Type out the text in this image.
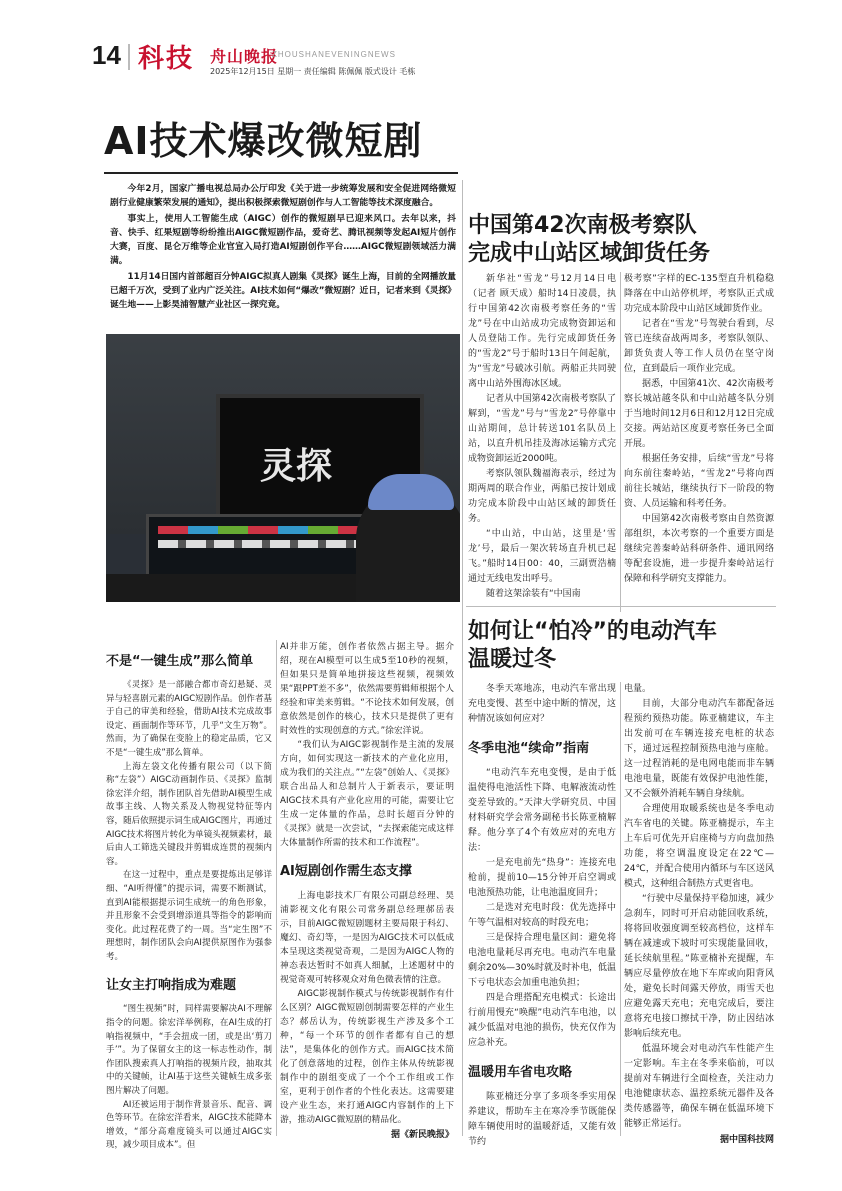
14 科技 舟山晚报
ZHOUSHANEVENINGNEWS
2025年12月15日 星期一 责任编辑 陈佩佩 版式设计 毛栋
AI技术爆改微短剧

今年2月，国家广播电视总局办公厅印发《关于进一步统筹发展和安全促进网络微短剧行业健康繁荣发展的通知》，提出积极探索微短剧创作与人工智能等技术深度融合。

事实上，使用人工智能生成（AIGC）创作的微短剧早已迎来风口。去年以来，抖音、快手、红果短剧等纷纷推出AIGC微短剧作品，爱奇艺、腾讯视频等发起AI短片创作大赛，百度、昆仑万维等企业官宣入局打造AI短剧创作平台……AIGC微短剧领域活力满满。

11月14日国内首部超百分钟AIGC拟真人剧集《灵探》诞生上海，目前的全网播放量已超千万次，受到了业内广泛关注。AI技术如何“爆改”微短剧？近日，记者来到《灵探》诞生地——上影昊浦智慧产业社区一探究竟。

灵探
不是“一键生成”那么简单

《灵探》是一部融合都市奇幻悬疑、灵异与轻喜剧元素的AIGC短剧作品。创作者基于自己的审美和经验，借助AI技术完成故事设定、画面制作等环节，几乎“文生万物”。然而，为了确保在变脸上的稳定品质，它又不是“一键生成”那么简单。

上海左袋文化传播有限公司（以下简称“左袋”）AIGC动画制作员、《灵探》监制徐宏洋介绍，制作团队首先借助AI模型生成故事主线、人物关系及人物视觉特征等内容，随后依照提示词生成AIGC图片，再通过AIGC技术将图片转化为单镜头视频素材，最后由人工筛选关键段并剪辑成连贯的视频内容。

在这一过程中，重点是要提炼出足够详细、“AI听得懂”的提示词，需要不断测试，直到AI能根据提示词生成统一的角色形象，并且形象不会受到增添道具等指令的影响而变化。此过程花费了约一周。当“定生图”不理想时，制作团队会向AI提供原图作为强参考。

让女主打响指成为难题

“图生视频”时，同样需要解决AI不理解指令的问题。徐宏洋举例称，在AI生成的打响指视频中，“手会扭成一团，或是出‘剪刀手’”。为了保留女主的这一标志性动作，制作团队搜索真人打响指的视频片段，抽取其中的关键帧，让AI基于这些关键帧生成多张图片解决了问题。

AI还被运用于制作背景音乐、配音、调色等环节。在徐宏洋看来，AIGC技术能降本增效，“部分高难度镜头可以通过AIGC实现，减少项目成本”。但

AI并非万能，创作者依然占据主导。据介绍，现在AI模型可以生成5至10秒的视频，但如果只是简单地拼接这些视频，视频效果“跟PPT差不多”，依然需要剪辑师根据个人经验和审美来剪辑。“不论技术如何发展，创意依然是创作的核心，技术只是提供了更有时效性的实现创意的方式。”徐宏洋说。

“我们认为AIGC影视制作是主流的发展方向，如何实现这一新技术的产业化应用，成为我们的关注点。”“左袋”创始人、《灵探》联合出品人和总制片人于新表示，要证明AIGC技术具有产业化应用的可能，需要让它生成一定体量的作品，总时长超百分钟的《灵探》就是一次尝试，“去探索能完成这样大体量制作所需的技术和工作流程”。

AI短剧创作需生态支撑

上海电影技术厂有限公司副总经理、昊浦影视文化有限公司常务副总经理郝岳表示，目前AIGC微短剧题材主要局限于科幻、魔幻、奇幻等，一是因为AIGC技术可以低成本呈现这类视觉奇观，二是因为AIGC人物的神态表达暂时不如真人细腻，上述题材中的视觉奇观可转移观众对角色微表情的注意。

AIGC影视制作模式与传统影视制作有什么区别？AIGC微短剧创制需要怎样的产业生态？郝岳认为，传统影视生产涉及多个工种，“每一个环节的创作者都有自己的想法”，是集体化的创作方式。而AIGC技术简化了创意落地的过程，创作主体从传统影视制作中的剧组变成了一个个工作组或工作室，更利于创作者的个性化表达。这需要建设产业生态，来打通AIGC内容制作的上下游，推动AIGC微短剧的精品化。

据《新民晚报》
中国第42次南极考察队
完成中山站区域卸货任务

新华社“雪龙”号12月14日电（记者 顾天成）船时14日凌晨，执行中国第42次南极考察任务的“雪龙”号在中山站成功完成物资卸运和人员登陆工作。先行完成卸货任务的“雪龙2”号于船时13日午间起航，为“雪龙”号破冰引航。两船正共同驶离中山站外围海冰区域。

记者从中国第42次南极考察队了解到，“雪龙”号与“雪龙2”号停靠中山站期间，总计转送101名队员上站，以直升机吊挂及海冰运输方式完成物资卸运近2000吨。

考察队领队魏福海表示，经过为期两周的联合作业，两船已按计划成功完成本阶段中山站区域的卸货任务。

“中山站，中山站，这里是‘雪龙’号，最后一架次转场直升机已起飞。”船时14日00：40，三副贾浩楠通过无线电发出呼号。

随着这架涂装有“中国南

极考察”字样的EC-135型直升机稳稳降落在中山站停机坪，考察队正式成功完成本阶段中山站区域卸货作业。

记者在“雪龙”号驾驶台看到，尽管已连续奋战两周多，考察队领队、卸货负责人等工作人员仍在坚守岗位，直到最后一项作业完成。

据悉，中国第41次、42次南极考察长城站越冬队和中山站越冬队分别于当地时间12月6日和12月12日完成交接。两站站区度夏考察任务已全面开展。

根据任务安排，后续“雪龙”号将向东前往秦岭站，“雪龙2”号将向西前往长城站，继续执行下一阶段的物资、人员运输和科考任务。

中国第42次南极考察由自然资源部组织，本次考察的一个重要方面是继续完善秦岭站科研条件、通讯网络等配套设施，进一步提升秦岭站运行保障和科学研究支撑能力。

如何让“怕冷”的电动汽车
温暖过冬

冬季天寒地冻，电动汽车常出现充电变慢、甚至中途中断的情况，这种情况该如何应对？

冬季电池“续命”指南

“电动汽车充电变慢，是由于低温使得电池活性下降、电解液流动性变差导致的。”天津大学研究员、中国材料研究学会常务副秘书长陈亚楠解释。他分享了4个有效应对的充电方法：

一是充电前先“热身”：连接充电枪前，提前10—15分钟开启空调或电池预热功能，让电池温度回升；

二是选对充电时段：优先选择中午等气温相对较高的时段充电；

三是保持合理电量区间：避免将电池电量耗尽再充电。电动汽车电量剩余20%—30%时就及时补电，低温下亏电状态会加重电池负担；

四是合理搭配充电模式：长途出行前用慢充“唤醒”电动汽车电池，以减少低温对电池的损伤，快充仅作为应急补充。

温暖用车省电攻略

陈亚楠还分享了多项冬季实用保养建议，帮助车主在寒冷季节既能保障车辆使用时的温暖舒适，又能有效节约

电量。

目前，大部分电动汽车都配备远程预约预热功能。陈亚楠建议，车主出发前可在车辆连接充电桩的状态下，通过远程控制预热电池与座舱。这一过程消耗的是电网电能而非车辆电池电量，既能有效保护电池性能，又不会额外消耗车辆自身续航。

合理使用取暖系统也是冬季电动汽车省电的关键。陈亚楠提示，车主上车后可优先开启座椅与方向盘加热功能，将空调温度设定在22℃—24℃，并配合使用内循环与车区送风模式，这种组合制热方式更省电。

“行驶中尽量保持平稳加速，减少急刹车，同时可开启动能回收系统，将将回收强度调至较高档位，这样车辆在减速或下坡时可实现能量回收，延长续航里程。”陈亚楠补充提醒，车辆应尽量停放在地下车库或向阳背风处，避免长时间露天停放，雨雪天也应避免露天充电；充电完成后，要注意将充电接口擦拭干净，防止因结冰影响后续充电。

低温环境会对电动汽车性能产生一定影响。车主在冬季来临前，可以提前对车辆进行全面检查，关注动力电池健康状态、温控系统元器件及各类传感器等，确保车辆在低温环境下能够正常运行。

据中国科技网
